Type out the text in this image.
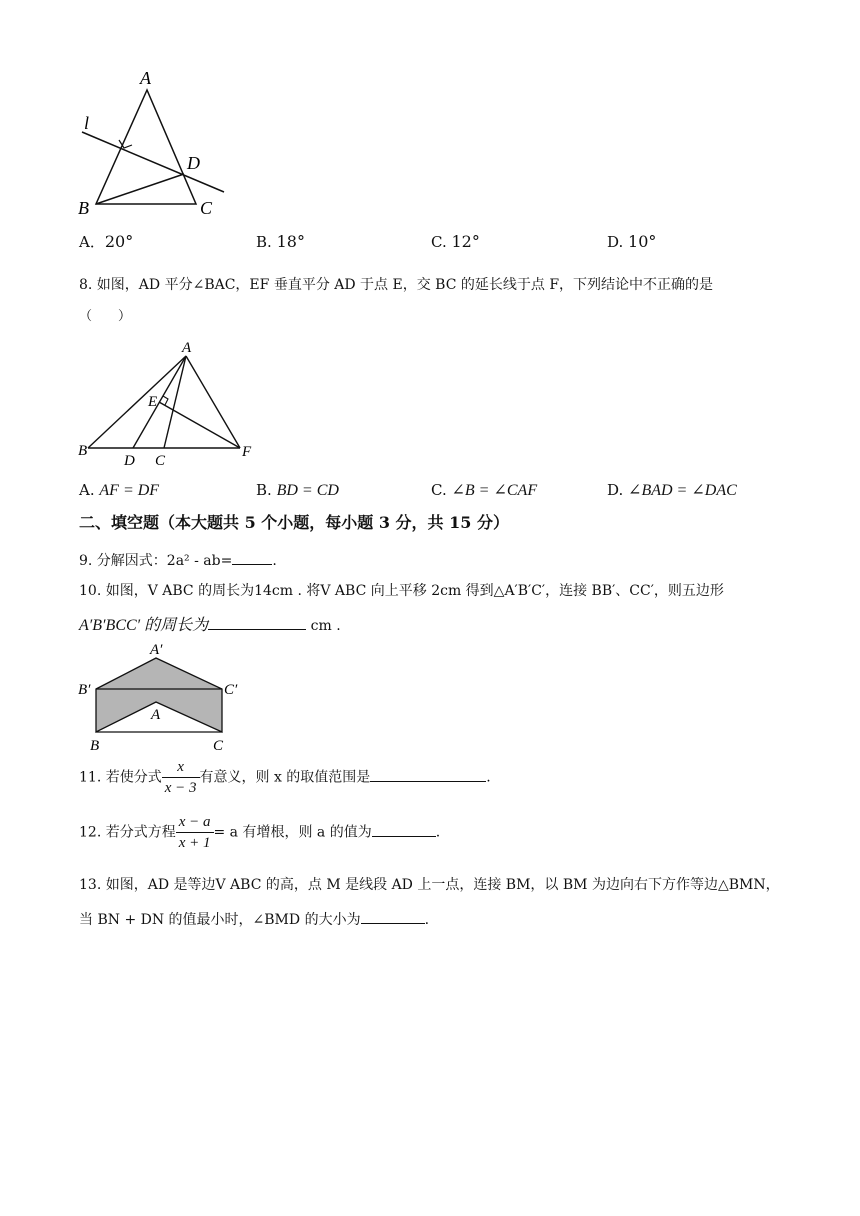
A
l
D
B	C
A．20°	B. 18°	C. 12°	D. 10°
8. 如图，AD 平分∠BAC，EF 垂直平分 AD 于点 E，交 BC 的延长线于点 F，下列结论中不正确的是
（　　）
A
E
B
D C
F
A. AF = DF	B. BD = CD	C. ∠B = ∠CAF	D. ∠BAD = ∠DAC
二、填空题（本大题共 5 个小题，每小题 3 分，共 15 分）
9. 分解因式：2a² - ab=	.
10. 如图，V ABC 的周长为14cm . 将V ABC 向上平移 2cm 得到△A′B′C′，连接 BB′、CC′，则五边形
A′B′BCC′ 的周长为	cm .
A′
B′	C′
A
B	C
11. 若使分式 $\frac{x}{x - 3}$ 有意义，则 x 的取值范围是	.
12. 若分式方程 $\frac{x - a}{x + 1} = a$ 有增根，则 a 的值为	.
13. 如图，AD 是等边V ABC 的高，点 M 是线段 AD 上一点，连接 BM，以 BM 为边向右下方作等边△BMN，
当 BN + DN 的值最小时，∠BMD 的大小为	.
